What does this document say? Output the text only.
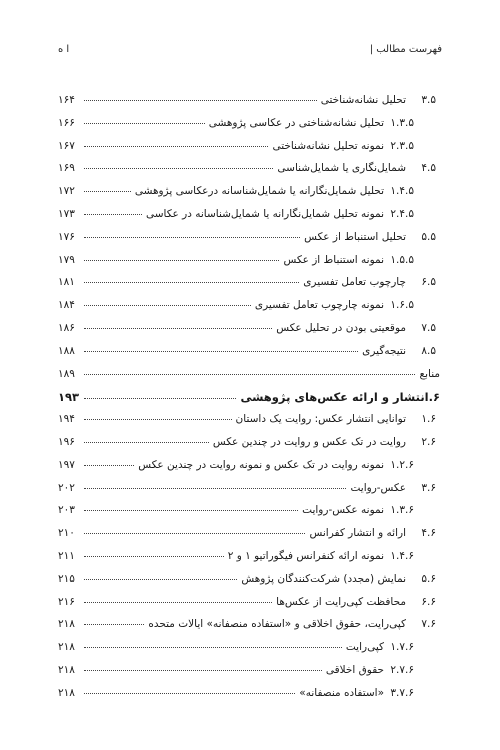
ا ه	فهرست مطالب |
۳.۵
تحلیل نشانه‌شناختی
۱۶۴
۱.۳.۵
تحلیل نشانه‌شناختی در عکاسی پژوهشی
۱۶۶
۲.۳.۵
نمونه تحلیل نشانه‌شناختی
۱۶۷
۴.۵
شمایل‌نگاری یا شمایل‌شناسی
۱۶۹
۱.۴.۵
تحلیل شمایل‌نگارانه یا شمایل‌شناسانه درعکاسی پژوهشی
۱۷۲
۲.۴.۵
نمونه تحلیل شمایل‌نگارانه یا شمایل‌شناسانه در عکاسی
۱۷۳
۵.۵
تحلیل استنباط از عکس
۱۷۶
۱.۵.۵
نمونه استنباط از عکس
۱۷۹
۶.۵
چارچوب تعامل تفسیری
۱۸۱
۱.۶.۵
نمونه چارچوب تعامل تفسیری
۱۸۴
۷.۵
موقعیتی بودن در تحلیل عکس
۱۸۶
۸.۵
نتیجه‌گیری
۱۸۸
منابع
۱۸۹
۶.
انتشار و ارائه عکس‌های پژوهشی
۱۹۳
۱.۶
توانایی انتشار عکس: روایت یک داستان
۱۹۴
۲.۶
روایت در تک عکس و روایت در چندین عکس
۱۹۶
۱.۲.۶
نمونه روایت در تک عکس و نمونه روایت در چندین عکس
۱۹۷
۳.۶
عکس-روایت
۲۰۲
۱.۳.۶
نمونه عکس-روایت
۲۰۳
۴.۶
ارائه و انتشار کفرانس
۲۱۰
۱.۴.۶
نمونه ارائه کنفرانس فیگوراتیو ۱ و ۲
۲۱۱
۵.۶
نمایش (مجدد) شرکت‌کنندگان پژوهش
۲۱۵
۶.۶
محافظت کپی‌رایت از عکس‌ها
۲۱۶
۷.۶
کپی‌رایت، حقوق اخلاقی و «استفاده منصفانه» ایالات متحده
۲۱۸
۱.۷.۶
کپی‌رایت
۲۱۸
۲.۷.۶
حقوق اخلاقی
۲۱۸
۳.۷.۶
«استفاده منصفانه»
۲۱۸
